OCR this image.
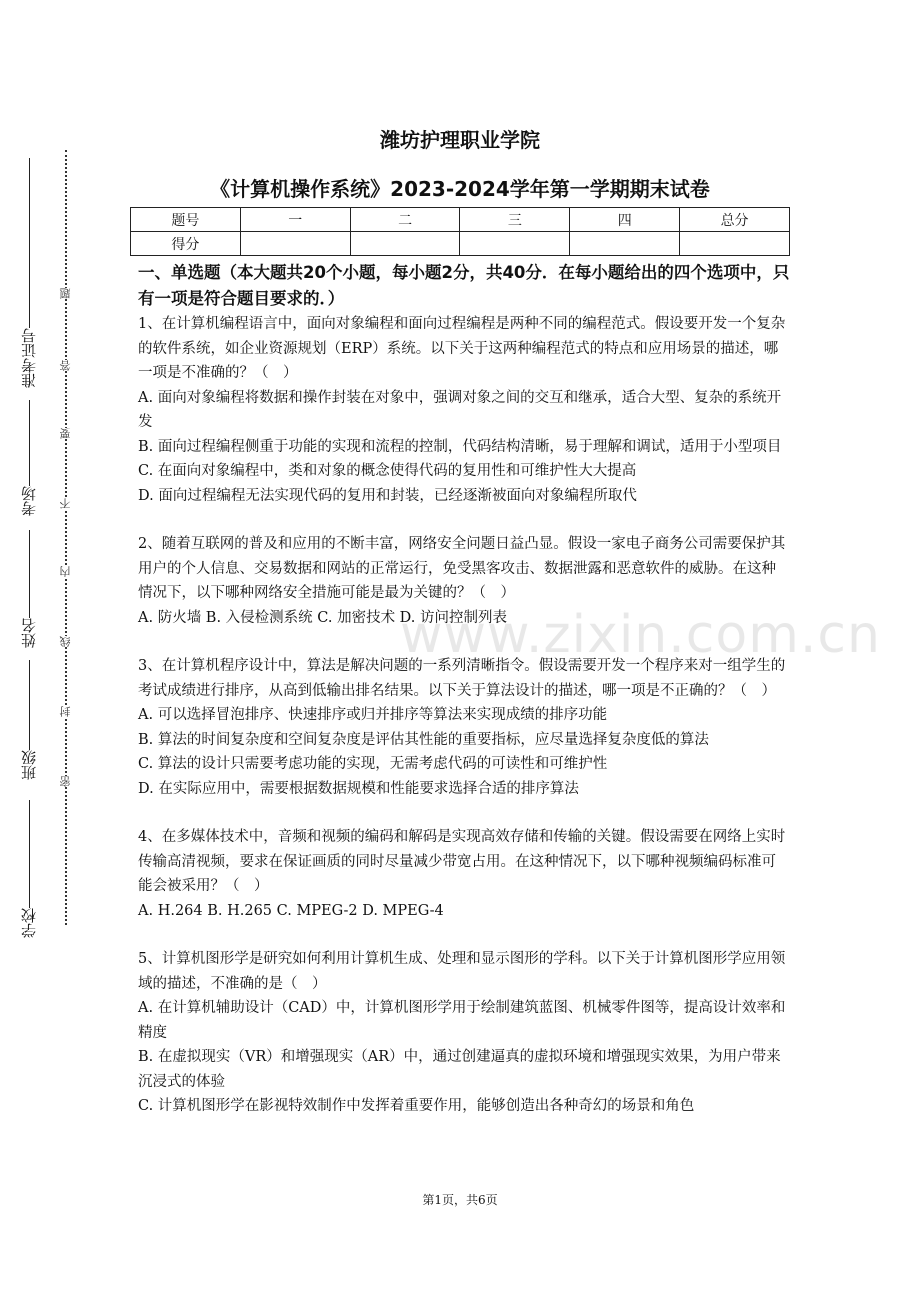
准考证号
考场
姓名
班级
学校
题
答
要
不
内
线
封
密
www.zixin.com.cn
潍坊护理职业学院
《计算机操作系统》2023-2024学年第一学期期末试卷
题号	一	二	三	四	总分
得分					
一、单选题（本大题共20个小题，每小题2分，共40分．在每小题给出的四个选项中，只有一项是符合题目要求的．）

1、在计算机编程语言中，面向对象编程和面向过程编程是两种不同的编程范式。假设要开发一个复杂的软件系统，如企业资源规划（ERP）系统。以下关于这两种编程范式的特点和应用场景的描述，哪一项是不准确的？（　）

A. 面向对象编程将数据和操作封装在对象中，强调对象之间的交互和继承，适合大型、复杂的系统开发

B. 面向过程编程侧重于功能的实现和流程的控制，代码结构清晰，易于理解和调试，适用于小型项目

C. 在面向对象编程中，类和对象的概念使得代码的复用性和可维护性大大提高

D. 面向过程编程无法实现代码的复用和封装，已经逐渐被面向对象编程所取代

2、随着互联网的普及和应用的不断丰富，网络安全问题日益凸显。假设一家电子商务公司需要保护其用户的个人信息、交易数据和网站的正常运行，免受黑客攻击、数据泄露和恶意软件的威胁。在这种情况下，以下哪种网络安全措施可能是最为关键的？（　）

A. 防火墙 B. 入侵检测系统 C. 加密技术 D. 访问控制列表

3、在计算机程序设计中，算法是解决问题的一系列清晰指令。假设需要开发一个程序来对一组学生的考试成绩进行排序，从高到低输出排名结果。以下关于算法设计的描述，哪一项是不正确的？（　）

A. 可以选择冒泡排序、快速排序或归并排序等算法来实现成绩的排序功能

B. 算法的时间复杂度和空间复杂度是评估其性能的重要指标，应尽量选择复杂度低的算法

C. 算法的设计只需要考虑功能的实现，无需考虑代码的可读性和可维护性

D. 在实际应用中，需要根据数据规模和性能要求选择合适的排序算法

4、在多媒体技术中，音频和视频的编码和解码是实现高效存储和传输的关键。假设需要在网络上实时传输高清视频，要求在保证画质的同时尽量减少带宽占用。在这种情况下，以下哪种视频编码标准可能会被采用？（　）

A. H.264 B. H.265 C. MPEG-2 D. MPEG-4

5、计算机图形学是研究如何利用计算机生成、处理和显示图形的学科。以下关于计算机图形学应用领域的描述，不准确的是（　）

A. 在计算机辅助设计（CAD）中，计算机图形学用于绘制建筑蓝图、机械零件图等，提高设计效率和精度

B. 在虚拟现实（VR）和增强现实（AR）中，通过创建逼真的虚拟环境和增强现实效果，为用户带来沉浸式的体验

C. 计算机图形学在影视特效制作中发挥着重要作用，能够创造出各种奇幻的场景和角色

第1页，共6页
